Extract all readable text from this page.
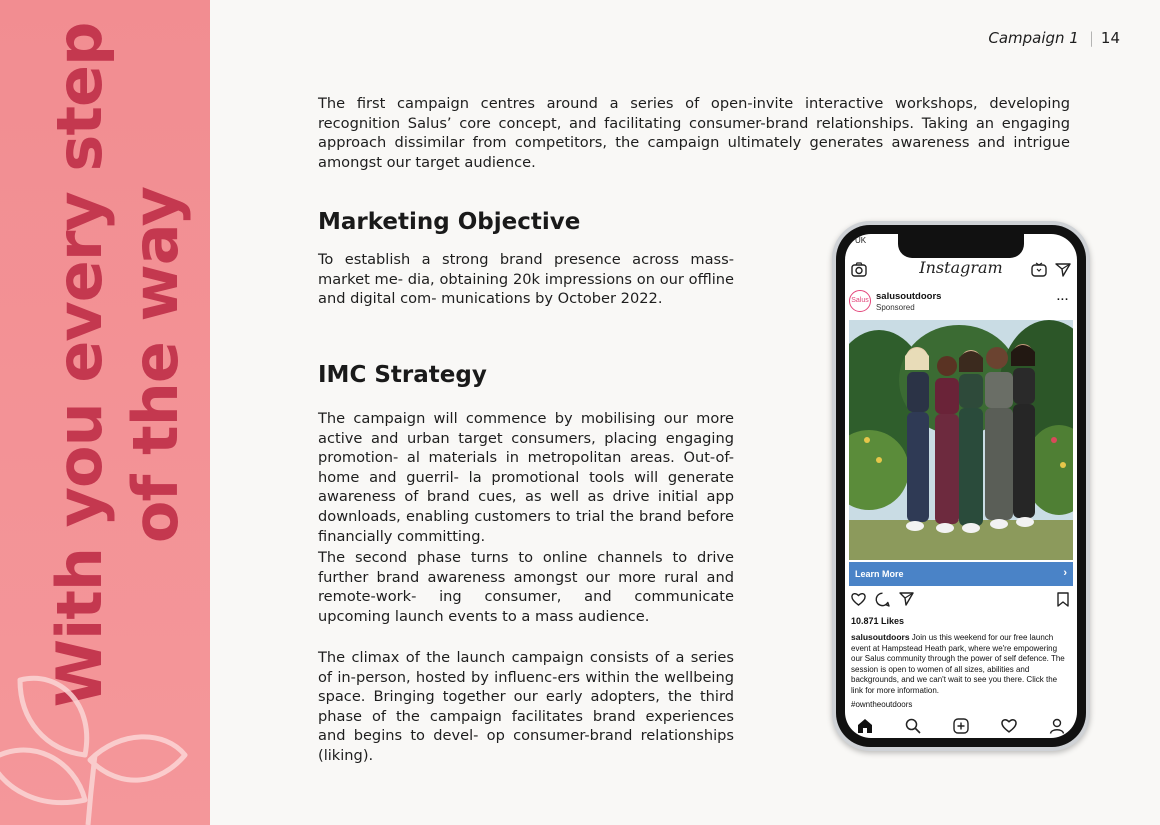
With you every step of the way
Campaign 1 | 14
The first campaign centres around a series of open-invite interactive workshops, developing recognition Salus’ core concept, and facilitating consumer-brand relationships. Taking an engaging approach dissimilar from competitors, the campaign ultimately generates awareness and intrigue amongst our target audience.
Marketing Objective
To establish a strong brand presence across mass-market me- dia, obtaining 20k impressions on our offline and digital com- munications by October 2022.
IMC Strategy
The campaign will commence by mobilising our more active and urban target consumers, placing engaging promotion- al materials in metropolitan areas. Out-of-home and guerril- la promotional tools will generate awareness of brand cues, as well as drive initial app downloads, enabling customers to trial the brand before financially committing.
The second phase turns to online channels to drive further brand awareness amongst our more rural and remote-work- ing consumer, and communicate upcoming launch events to a mass audience.
The climax of the launch campaign consists of a series of in-person, hosted by influenc-ers within the wellbeing space. Bringing together our early adopters, the third phase of the campaign facilitates brand experiences and begins to devel- op consumer-brand relationships (liking).
UK
Instagram
Salus salusoutdoors
Sponsored
...
Learn More	›
10.871 Likes
salusoutdoors Join us this weekend for our free launch event at Hampstead Heath park, where we're empowering our Salus community through the power of self defence. The session is open to women of all sizes, abilities and backgrounds, and we can't wait to see you there. Click the link for more information.
#owntheoutdoors
